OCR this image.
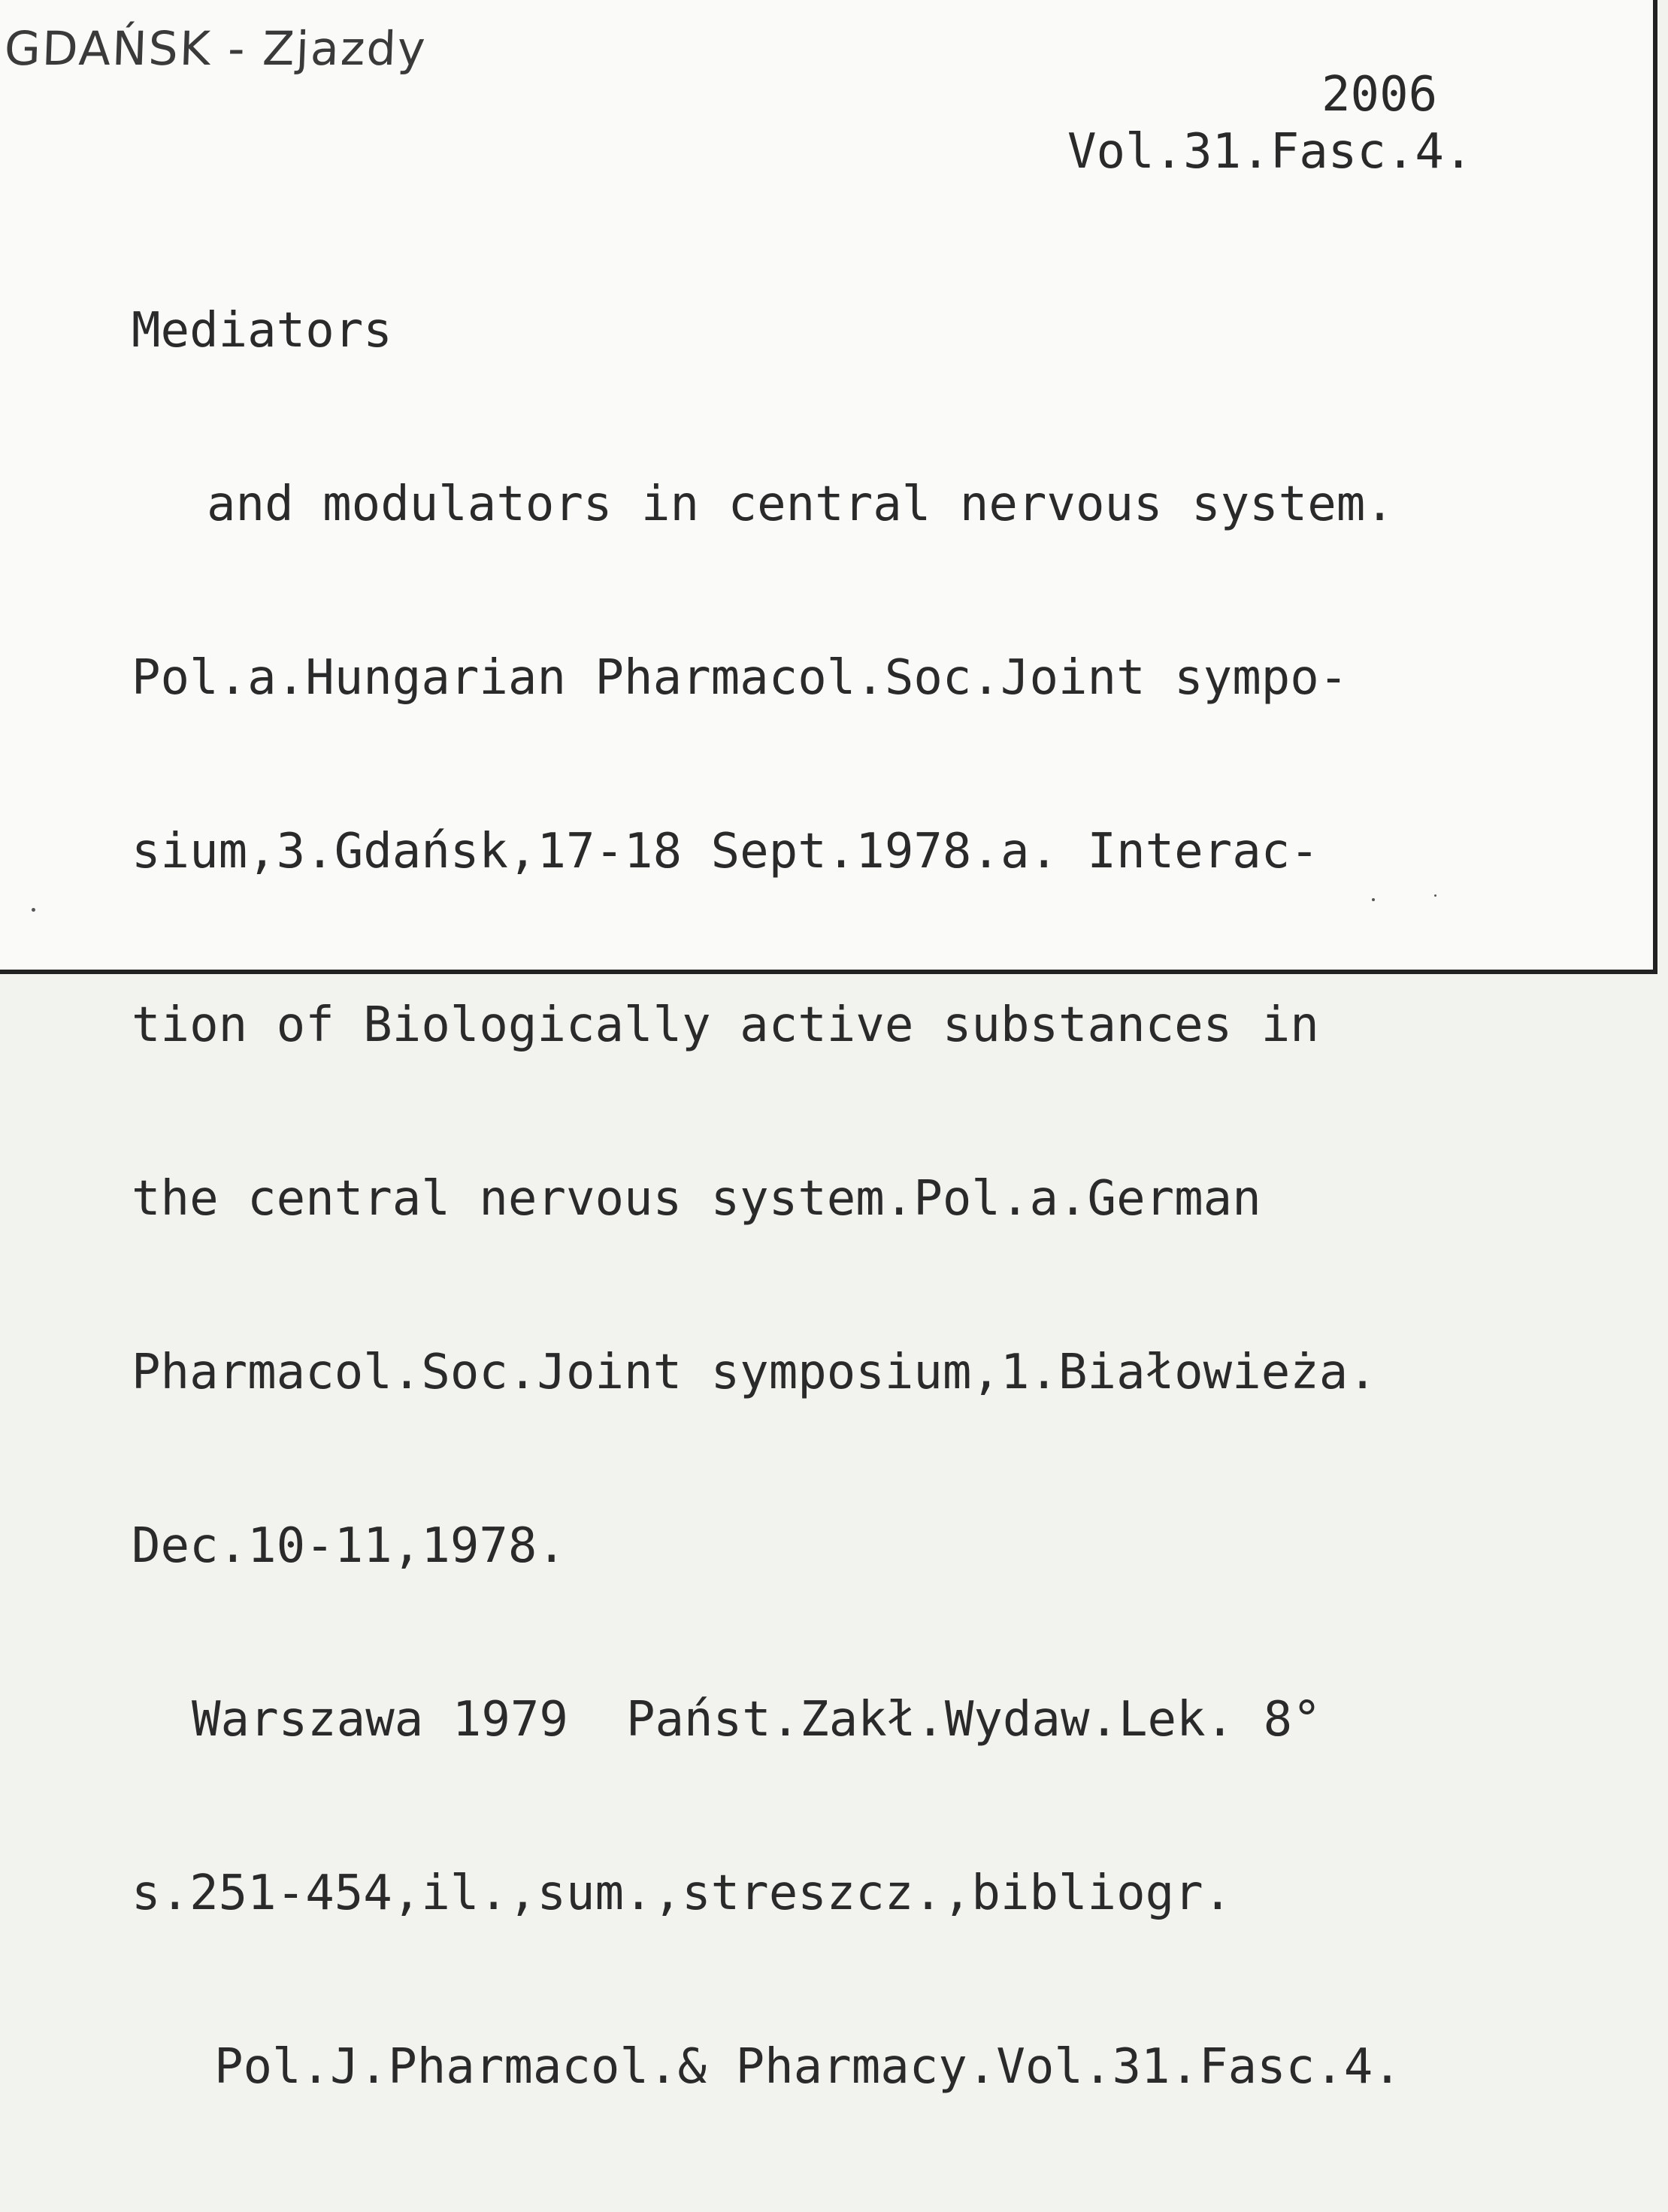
GDAŃSK - Zjazdy
2006
Vol.31.Fasc.4.

Mediators

and modulators in central nervous system.

Pol.a.Hungarian Pharmacol.Soc.Joint sympo-

sium,3.Gdańsk,17-18 Sept.1978.a. Interac-

tion of Biologically active substances in

the central nervous system.Pol.a.German

Pharmacol.Soc.Joint symposium,1.Białowieża.

Dec.10-11,1978.

Warszawa 1979  Państ.Zakł.Wydaw.Lek. 8°

s.251-454,il.,sum.,streszcz.,bibliogr.

Pol.J.Pharmacol.& Pharmacy.Vol.31.Fasc.4.
